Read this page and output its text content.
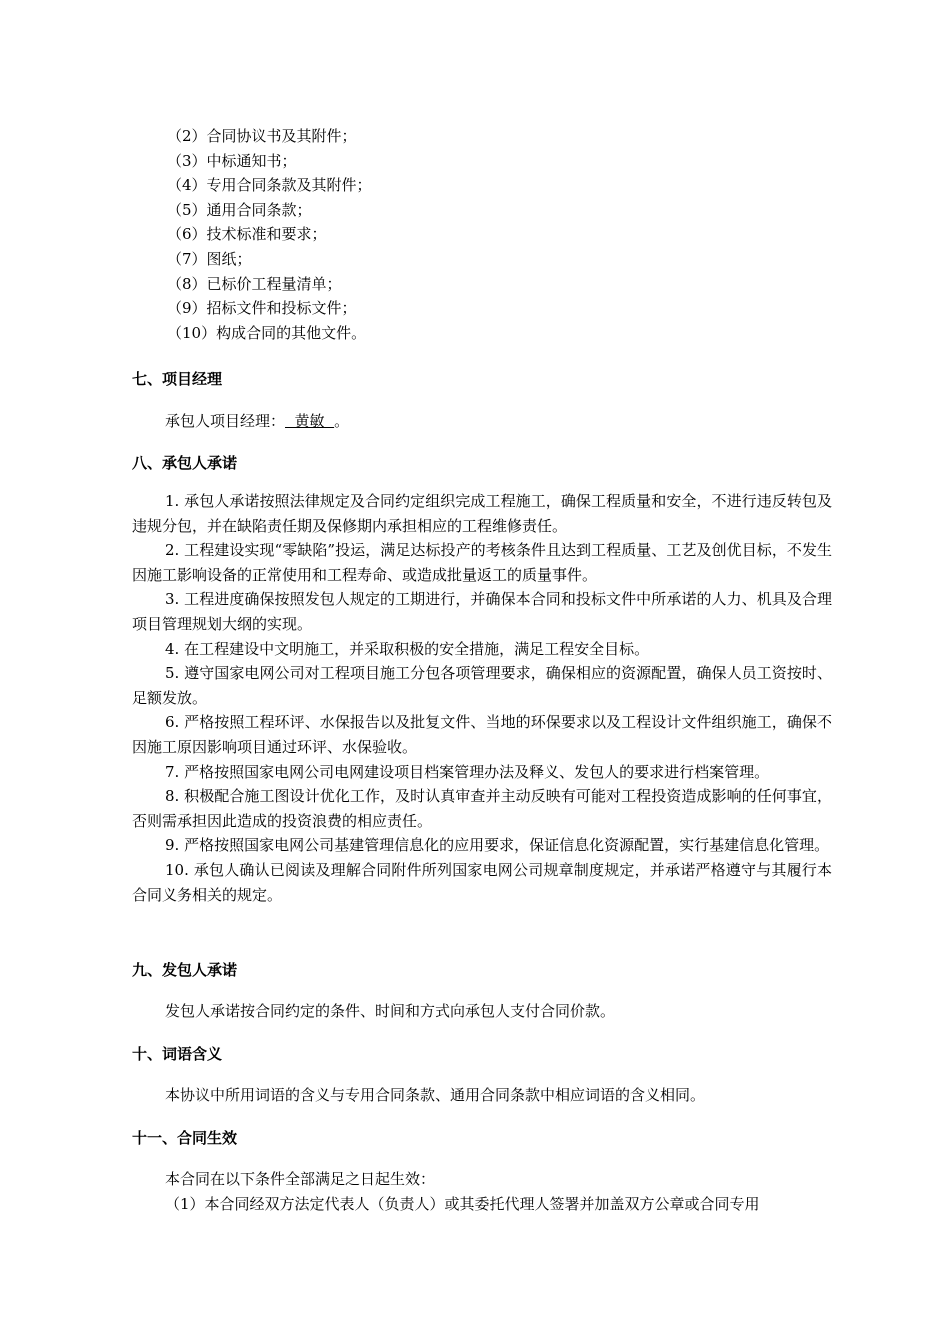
（2）合同协议书及其附件；
（3）中标通知书；
（4）专用合同条款及其附件；
（5）通用合同条款；
（6）技术标准和要求；
（7）图纸；
（8）已标价工程量清单；
（9）招标文件和投标文件；
（10）构成合同的其他文件。
七、项目经理
承包人项目经理：  黄敏  。
八、承包人承诺
1. 承包人承诺按照法律规定及合同约定组织完成工程施工，确保工程质量和安全，不进行违反转包及违规分包，并在缺陷责任期及保修期内承担相应的工程维修责任。
2. 工程建设实现“零缺陷”投运，满足达标投产的考核条件且达到工程质量、工艺及创优目标，不发生因施工影响设备的正常使用和工程寿命、或造成批量返工的质量事件。
3. 工程进度确保按照发包人规定的工期进行，并确保本合同和投标文件中所承诺的人力、机具及合理项目管理规划大纲的实现。
4. 在工程建设中文明施工，并采取积极的安全措施，满足工程安全目标。
5. 遵守国家电网公司对工程项目施工分包各项管理要求，确保相应的资源配置，确保人员工资按时、足额发放。
6. 严格按照工程环评、水保报告以及批复文件、当地的环保要求以及工程设计文件组织施工，确保不因施工原因影响项目通过环评、水保验收。
7. 严格按照国家电网公司电网建设项目档案管理办法及释义、发包人的要求进行档案管理。
8. 积极配合施工图设计优化工作，及时认真审查并主动反映有可能对工程投资造成影响的任何事宜，否则需承担因此造成的投资浪费的相应责任。
9. 严格按照国家电网公司基建管理信息化的应用要求，保证信息化资源配置，实行基建信息化管理。
10. 承包人确认已阅读及理解合同附件所列国家电网公司规章制度规定，并承诺严格遵守与其履行本合同义务相关的规定。
九、发包人承诺
发包人承诺按合同约定的条件、时间和方式向承包人支付合同价款。
十、词语含义
本协议中所用词语的含义与专用合同条款、通用合同条款中相应词语的含义相同。
十一、合同生效
本合同在以下条件全部满足之日起生效：
（1）本合同经双方法定代表人（负责人）或其委托代理人签署并加盖双方公章或合同专用
